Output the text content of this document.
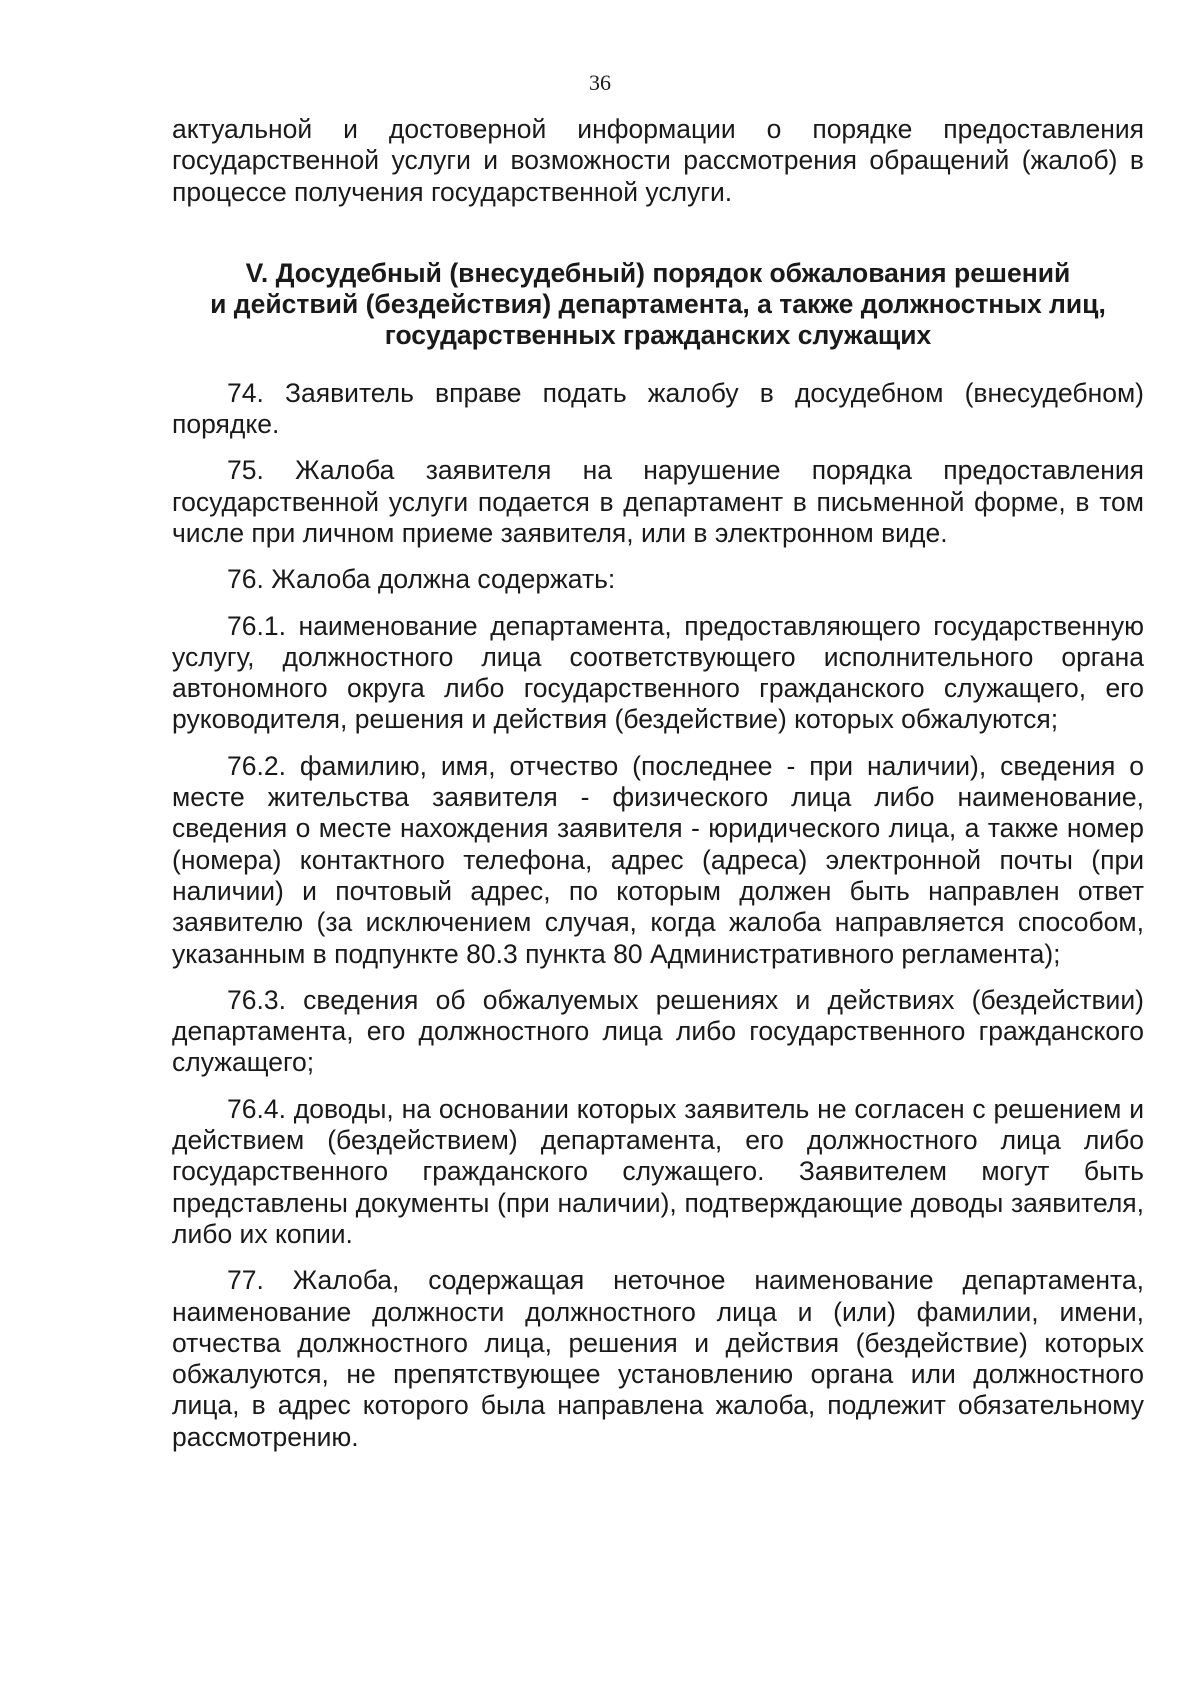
36

актуальной и достоверной информации о порядке предоставления государственной услуги и возможности рассмотрения обращений (жалоб) в процессе получения государственной услуги.

V. Досудебный (внесудебный) порядок обжалования решений
и действий (бездействия) департамента, а также должностных лиц,
государственных гражданских служащих

74. Заявитель вправе подать жалобу в досудебном (внесудебном) порядке.

75. Жалоба заявителя на нарушение порядка предоставления государственной услуги подается в департамент в письменной форме, в том числе при личном приеме заявителя, или в электронном виде.

76. Жалоба должна содержать:

76.1. наименование департамента, предоставляющего государственную услугу, должностного лица соответствующего исполнительного органа автономного округа либо государственного гражданского служащего, его руководителя, решения и действия (бездействие) которых обжалуются;

76.2. фамилию, имя, отчество (последнее - при наличии), сведения о месте жительства заявителя - физического лица либо наименование, сведения о месте нахождения заявителя - юридического лица, а также номер (номера) контактного телефона, адрес (адреса) электронной почты (при наличии) и почтовый адрес, по которым должен быть направлен ответ заявителю (за исключением случая, когда жалоба направляется способом, указанным в подпункте 80.3 пункта 80 Административного регламента);

76.3. сведения об обжалуемых решениях и действиях (бездействии) департамента, его должностного лица либо государственного гражданского служащего;

76.4. доводы, на основании которых заявитель не согласен с решением и действием (бездействием) департамента, его должностного лица либо государственного гражданского служащего. Заявителем могут быть представлены документы (при наличии), подтверждающие доводы заявителя, либо их копии.

77. Жалоба, содержащая неточное наименование департамента, наименование должности должностного лица и (или) фамилии, имени, отчества должностного лица, решения и действия (бездействие) которых обжалуются, не препятствующее установлению органа или должностного лица, в адрес которого была направлена жалоба, подлежит обязательному рассмотрению.
